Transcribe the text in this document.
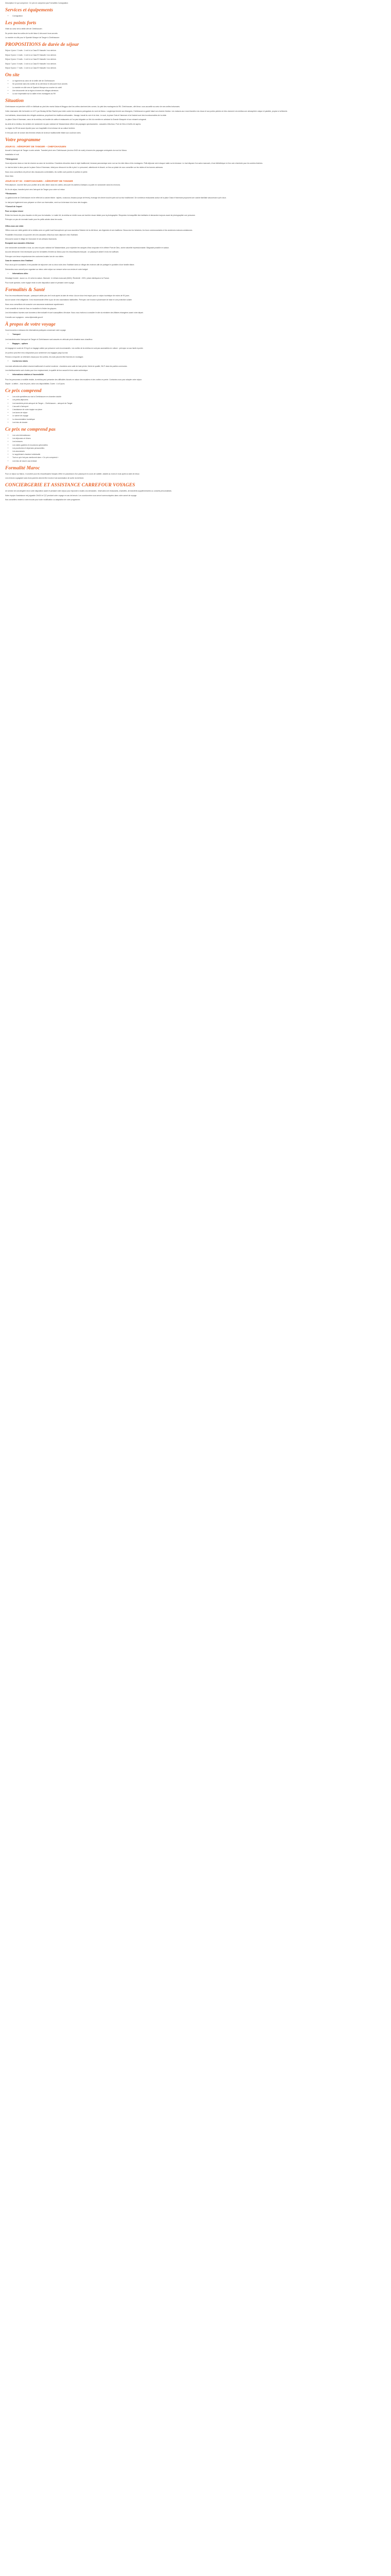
Description Ce qui comprend : Ce prix ne comprend pas Formalités Consignation

Services et équipements
• Consignation
Les points forts

Visite au cœur de la vieille cité de Chefchaouen

Se perdre dans les ruelles de la cité bleue & découvrir leurs secrets

La montée en ville pour le Spanish Mosque de Tanger à Chefchaouen

PROPOSITIONS de durée de séjour

Séjour 4 jours / 3 nuits : 1 nuit à La Casa El Hassafe / nos séniors

Séjour 5 jours / 4 nuits : 1 nuit à La Casa El Hassafe / nos séniors

Séjour 6 jours / 5 nuits : 1 nuit à La Casa El Hassafe / nos séniors

Séjour 7 jours / 6 nuits : 1 nuit à La Casa El Hassafe / nos séniors

Séjour 8 jours / 7 nuits : 1 nuit à La Casa El Hassafe / nos séniors

On site
• Le logement au cœur de la vieille cité de Chefchaouen
• Se promener dans les ruelles de la cité bleue et découvrir leurs secrets
• La montée en ville vers le Spanish Mosque au coucher du soleil
• Une découverte de la région à travers les villages alentours
• La vue imprenable sur la vallée et les montagnes du Rif
Situation

Chefchaouen est perchée à 600 m d'altitude au pied des monts Kalaa et Meggou dont les crêtes dominent des cornes. Au pied des montagnes du Rif, Chefchaouen, cité bleue, vous accueille au cœur de ses ruelles tortueuses.

Cette charmante ville fut fondée en 1471 par Moulay Ali Ben Rachid pour lutter contre les invasions portugaises du nord du Maroc. Longtemps fermée aux étrangers, Chefchaouen a gardé intact son charme d'antan. Les maisons aux murs blanchis à la chaux et aux portes peintes en bleu donnent à la médina une atmosphère unique et paisible, propice à la flânerie.

Les habitants, descendants des réfugiés andalous, perpétuent les traditions artisanales : tissage, travail du cuir et du bois. Le souk, la place Outa el Hammam et la Kasbah sont des incontournables de la visite.

La place Outa el Hammam, cœur de la médina, est bordée de cafés et restaurants où l'on peut déguster un thé à la menthe en admirant la Grande Mosquée et son minaret octogonal.

Au-delà de la médina, les sentiers de randonnée du parc national de Talassemtane offrent des paysages spectaculaires : cascades d'Akchour, Pont de Dieu et forêts de sapins.

La région du Rif est aussi réputée pour son hospitalité et la richesse de sa culture berbère.

Il n'est pas rare de croiser des femmes vêtues de la tenue traditionnelle rifaine aux couleurs vives.

Votre programme
JOUR 01 : AÉROPORT DE TANGER – CHEFCHAOUEN

Accueil à l'aéroport de Tanger à votre arrivée. Transfert privé vers Chefchaouen (environ 2h30 de route) à travers les paysages verdoyants du nord du Maroc.

Installation et nuit.

**Hébergement

Vous séjournez dans un riad de charme au cœur de la médina. Chambres décorées dans le style traditionnel, terrasse panoramique avec vue sur les toits bleus et les montagnes. Petit-déjeuner servi chaque matin sur la terrasse. Le riad dispose d'un salon marocain, d'une bibliothèque et d'un coin cheminée pour les soirées fraîches.

Le riad est situé à deux pas de la place Outa el Hammam, idéal pour découvrir la ville à pied. Le personnel, attentionné et discret, se fera un plaisir de vous conseiller sur les visites et les bonnes adresses.

Nous vous conseillons de prévoir des chaussures confortables, les ruelles sont pavées et parfois en pente.

Dîner libre.

JOUR 02 ET 03 : CHEFCHAOUEN – AÉROPORT DE TANGER

Petit-déjeuner. Journée libre pour profiter de la ville, flâner dans les ruelles, découvrir les ateliers d'artisans ou partir en randonnée dans les environs.

En fin de séjour, transfert privé vers l'aéroport de Tanger pour votre vol retour.

**Restaurants

La gastronomie de Chefchaouen est le reflet de la cuisine rifaine : tajines, couscous, bissara (soupe de fèves), fromage de chèvre local et pain cuit au four traditionnel. De nombreux restaurants autour de la place Outa el Hammam proposent une cuisine familiale savoureuse à prix doux.

Le riad peut également vous préparer un dîner sur réservation, servi sur la terrasse à la lueur des bougies.

**Conseil de l'expert

Pour un séjour réussi

Évitez les heures les plus chaudes en été pour les balades. Le matin tôt, la médina se révèle sous une lumière douce idéale pour la photographie. Respectez la tranquillité des habitants et demandez toujours avant de photographier une personne.

Prévoyez un peu de monnaie locale pour les petits achats dans les souks.

Offrez-vous une visite

Offrez-vous une visite guidée de la médina avec un guide local francophone qui vous racontera l'histoire de la cité bleue, ses légendes et ses traditions. Découvrez les fontaines, les fours communautaires et les anciennes maisons andalouses.

Possibilité d'excursion à la journée vers les cascades d'Akchour avec déjeuner chez l'habitant.

Découvrez aussi le village de Ouezzane et ses artisans tisserands.

Escapade aux cascades d'Akchour

Une randonnée accessible à tous, au cœur du parc national de Talassemtane, pour rejoindre les vasques d'eau turquoise et le célèbre Pont de Dieu, arche naturelle impressionnante. Baignade possible en saison.

Aucune démarche n'est nécessaire pour les formalités d'entrée au Maroc pour les ressortissants français : un passeport valide 6 mois est suffisant.

Prévoyez une tenue respectueuse des coutumes locales lors de vos visites.

Casa de vacances chez l'habitant

Pour ceux qui le souhaitent, il est possible de séjourner une ou deux nuits chez l'habitant dans un village des environs afin de partager le quotidien d'une famille rifaine.

Demandez-nous conseil pour organiser au mieux votre séjour sur mesure selon vos envies et votre budget.

• Informations utiles

Décalage horaire : aucun ou -1h selon la saison. Monnaie : le dirham marocain (MAD). Électricité : 220V, prises identiques à la France.

Pour toute question, notre équipe reste à votre disposition avant et pendant votre voyage.

Formalités & Santé

Pour les ressortissants français : passeport valide plus de 6 mois après la date de retour. Aucun visa n'est requis pour un séjour touristique de moins de 90 jours.

Aucun vaccin n'est obligatoire. Il est recommandé d'être à jour de ses vaccinations habituelles. Prévoyez une trousse à pharmacie de base et une protection solaire.

Nous vous conseillons de souscrire une assurance assistance rapatriement.

Il est conseillé de boire de l'eau en bouteille et d'éviter les glaçons.

Les informations fournies sont données à titre indicatif et sont susceptibles d'évoluer. Nous vous invitons à consulter le site du ministère des Affaires étrangères avant votre départ.

Conseils aux voyageurs : www.diplomatie.gouv.fr

À propos de votre voyage

Vous trouverez ci-dessous les informations pratiques concernant votre voyage.

• Transport

Les transferts entre l'aéroport de Tanger et Chefchaouen sont assurés en véhicule privé climatisé avec chauffeur.

• Bagages – options

Un bagage en soute de 20 kg et un bagage cabine par personne sont recommandés. Les ruelles de la médina ne sont pas accessibles en voiture : prévoyez un sac facile à porter.

Un porteur peut être mis à disposition pour acheminer vos bagages jusqu'au riad.

Pensez à emporter un vêtement chaud pour les soirées, les nuits peuvent être fraîches en montagne.

• Confort des hôtels

Les riads sélectionnés allient charme traditionnel et confort moderne : chambres avec salle de bain privée, literie de qualité, Wi-Fi dans les parties communes.

Les établissements sont choisis pour leur emplacement, la qualité de leur accueil et leur cadre authentique.

• Informations relatives à l'accessibilité

Pour les personnes à mobilité réduite, la médina peut présenter des difficultés d'accès en raison des escaliers et des ruelles en pente. Contactez-nous pour adapter votre séjour.

Départ : à définir – tous les jours, selon vos disponibilités. Durée : 4 à 8 jours.

Ce prix comprend
• Les nuits spécifiées au riad à Chefchaouen en chambre double
• Les petits-déjeuners
• Les transferts privés aéroport de Tanger – Chefchaouen – aéroport de Tanger
• L'accueil à l'aéroport
• L'assistance de notre équipe sur place
• Les taxes de séjour
• Le carnet de voyage
• La documentation touristique
• Les frais de dossier
Ce prix ne comprend pas
• Les vols internationaux
• Les déjeuners et dîners
• Les boissons
• Les visites guidées et excursions optionnelles
• Les pourboires et dépenses personnelles
• Les assurances
• Le supplément chambre individuelle
• Tout ce qui n'est pas mentionné dans « Ce prix comprend »
• Les frais de visa le cas échéant
Formalité Maroc

Pour un séjour au Maroc, il convient pour les ressortissants français d'être en possession d'un passeport en cours de validité, valable au moins 6 mois après la date de retour.

Les mineurs voyageant sans leurs parents doivent être munis d'une autorisation de sortie du territoire.

CONCIERGERIE ET ASSISTANCE CARREFOUR VOYAGES

Un service de conciergerie est à votre disposition avant et pendant votre séjour pour répondre à toutes vos demandes : réservation de restaurants, d'activités, de transferts supplémentaires ou conseils personnalisés.

Notre équipe d'assistance est joignable 24h/24 et 7j/7 pendant votre voyage en cas de besoin. Les coordonnées vous seront communiquées dans votre carnet de voyage.

Nos conseillers restent à votre écoute pour toute modification ou adaptation de votre programme.
